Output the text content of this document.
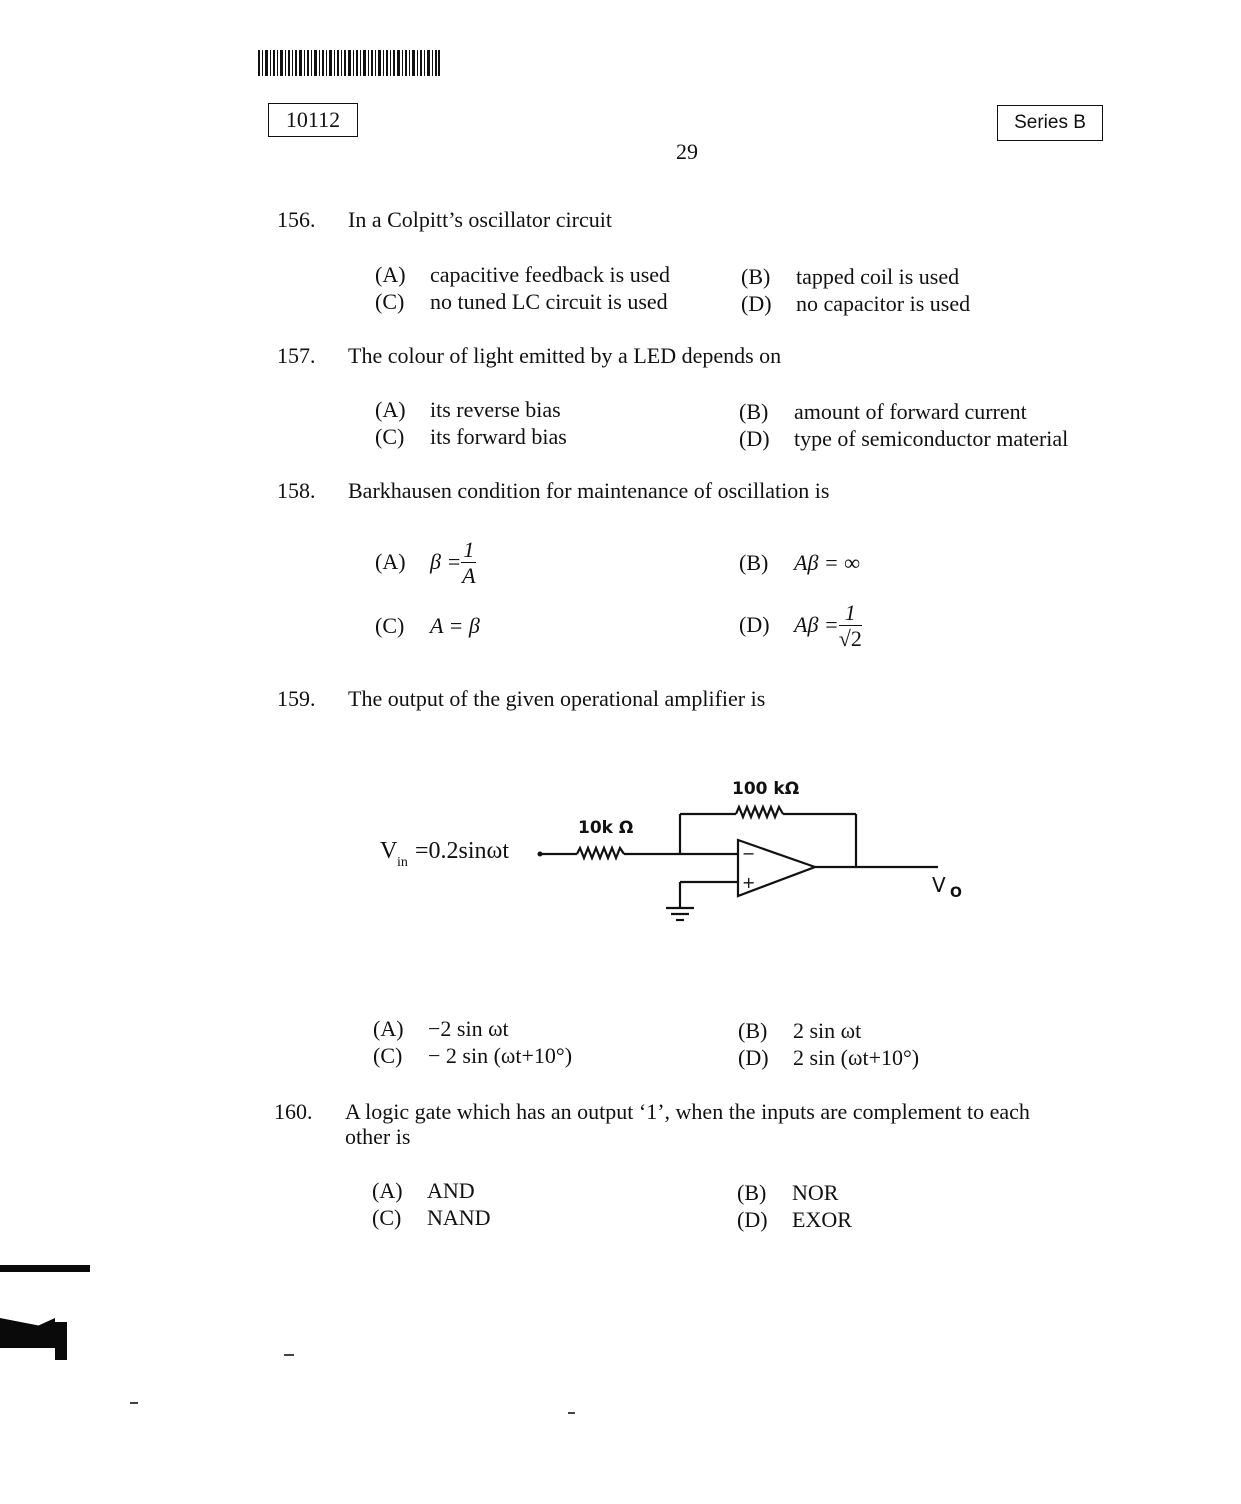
10112	Series B
29
156. In a Colpitt’s oscillator circuit
(A) capacitive feedback is used	(B) tapped coil is used
(C) no tuned LC circuit is used	(D) no capacitor is used
157. The colour of light emitted by a LED depends on
(A) its reverse bias	(B) amount of forward current
(C) its forward bias	(D) type of semiconductor material
158. Barkhausen condition for maintenance of oscillation is
(A) $\beta = \frac{1}{A}$	(B) Aβ = ∞
(C) A = β	(D) $A\beta = \frac{1}{√2}$
159. The output of the given operational amplifier is
100 kΩ
10k Ω
V in =0.2sinωt	−
+	V O
(A) −2 sin ωt	(B) 2 sin ωt
(C) − 2 sin (ωt+10°)	(D) 2 sin (ωt+10°)
160. A logic gate which has an output ‘1’, when the inputs are complement to each
other is
(A) AND	(B) NOR
(C) NAND	(D) EXOR
